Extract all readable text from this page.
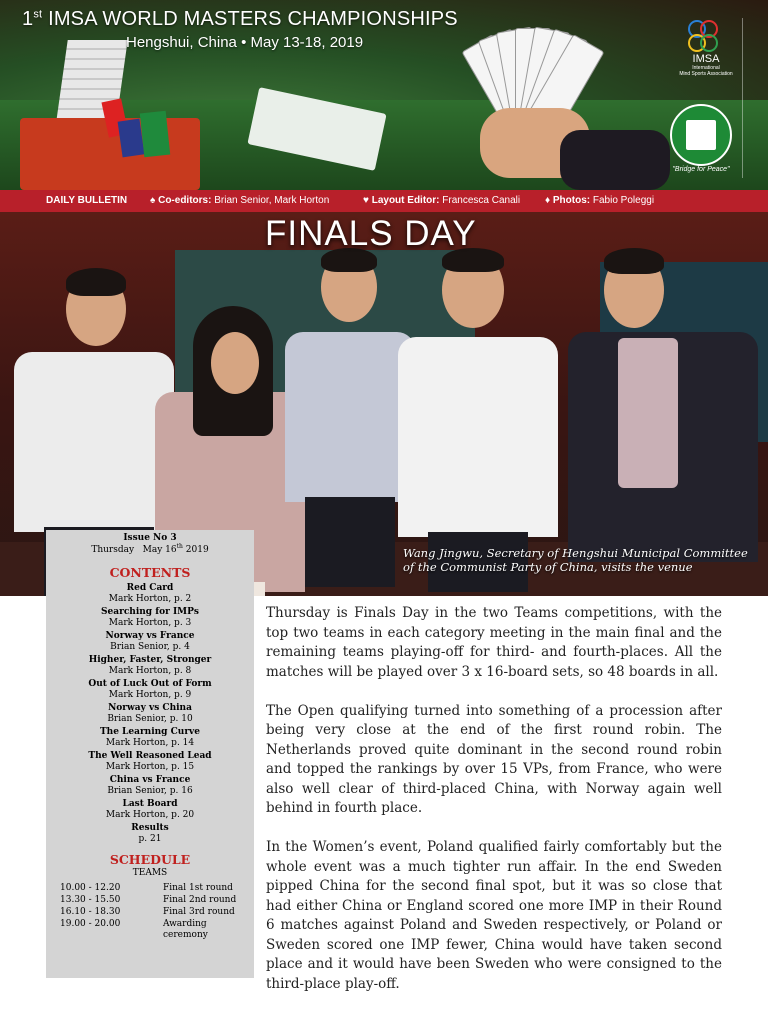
1st IMSA WORLD MASTERS CHAMPIONSHIPS
Hengshui, China • May 13-18, 2019
IMSA
International
Mind Sports Association
"Bridge for Peace"
DAILY BULLETIN ♠ Co-editors: Brian Senior, Mark Horton	♥ Layout Editor: Francesca Canali ♦ Photos: Fabio Poleggi
FINALS DAY
Wang Jingwu, Secretary of Hengshui Municipal Committee
of the Communist Party of China, visits the venue
Issue No 3
Thursday May 16th 2019
CONTENTS
Red Card
Mark Horton, p. 2
Searching for IMPs
Mark Horton, p. 3
Norway vs France
Brian Senior, p. 4
Higher, Faster, Stronger
Mark Horton, p. 8
Out of Luck Out of Form
Mark Horton, p. 9
Norway vs China
Brian Senior, p. 10
The Learning Curve
Mark Horton, p. 14
The Well Reasoned Lead
Mark Horton, p. 15
China vs France
Brian Senior, p. 16
Last Board
Mark Horton, p. 20
Results
p. 21
SCHEDULE
TEAMS
10.00 - 12.20	Final 1st round
13.30 - 15.50	Final 2nd round
16.10 - 18.30	Final 3rd round
19.00 - 20.00	Awarding
ceremony

Thursday is Finals Day in the two Teams competitions, with the top two teams in each category meeting in the main final and the remaining teams playing-off for third- and fourth-places. All the matches will be played over 3 x 16-board sets, so 48 boards in all.

The Open qualifying turned into something of a procession after being very close at the end of the first round robin. The Netherlands proved quite dominant in the second round robin and topped the rankings by over 15 VPs, from France, who were also well clear of third-placed China, with Norway again well behind in fourth place.

In the Women’s event, Poland qualified fairly comfortably but the whole event was a much tighter run affair. In the end Sweden pipped China for the second final spot, but it was so close that had either China or England scored one more IMP in their Round 6 matches against Poland and Sweden respectively, or Poland or Sweden scored one IMP fewer, China would have taken second place and it would have been Sweden who were consigned to the third-place play-off.
